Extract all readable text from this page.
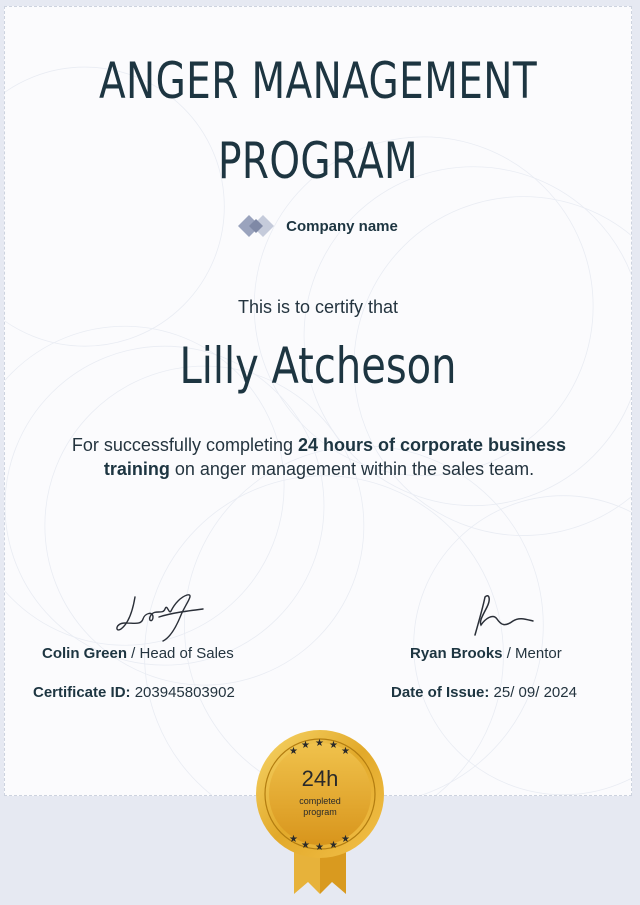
ANGER MANAGEMENT PROGRAM
Company name
This is to certify that
Lilly Atcheson
For successfully completing 24 hours of corporate business training on anger management within the sales team.
Colin Green / Head of Sales	Ryan Brooks / Mentor
Certificate ID: 203945803902	Date of Issue: 25/ 09/ 2024
★
★ ★ ★
★
★
★ ★ ★
★
24h
completed
program
